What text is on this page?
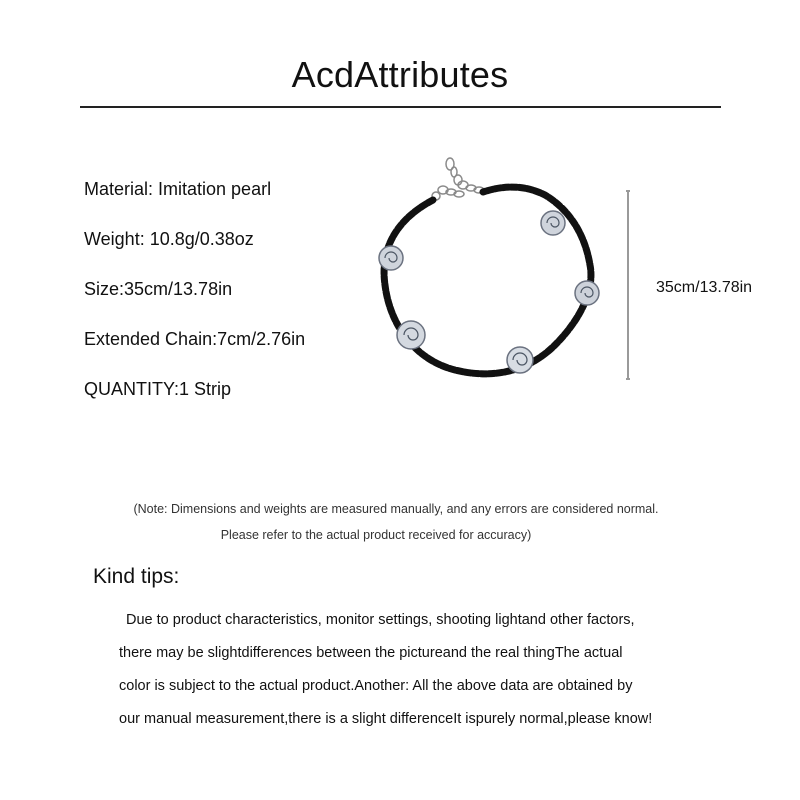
AcdAttributes
Material: Imitation pearl
Weight: 10.8g/0.38oz
Size:35cm/13.78in
Extended Chain:7cm/2.76in
QUANTITY:1 Strip
35cm/13.78in
(Note: Dimensions and weights are measured manually, and any errors are considered normal.
Please refer to the actual product received for accuracy)
Kind tips:
Due to product characteristics, monitor settings, shooting lightand other factors,
there may be slightdifferences between the pictureand the real thingThe actual
color is subject to the actual product.Another: All the above data are obtained by
our manual measurement,there is a slight differenceIt ispurely normal,please know!
